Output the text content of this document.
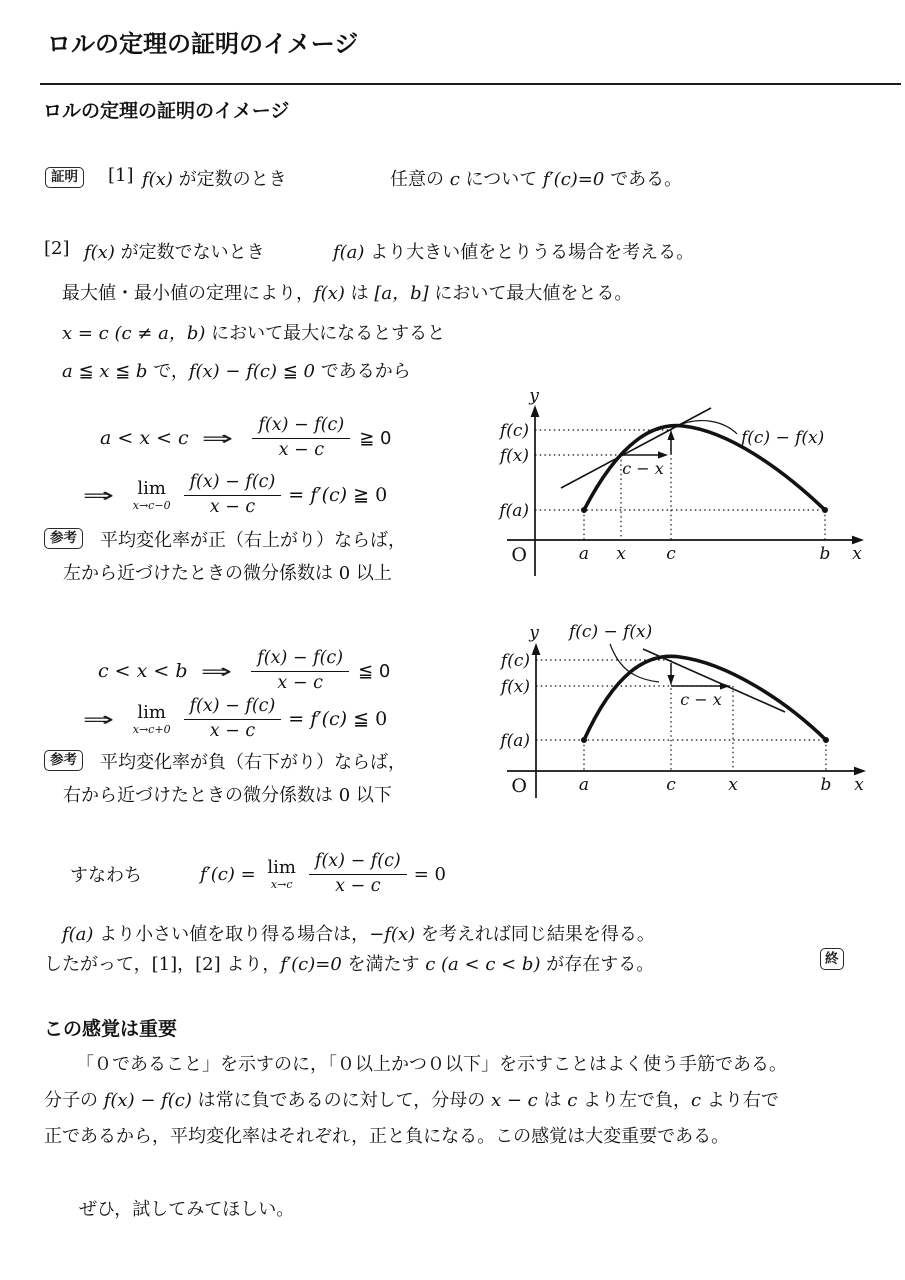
ロルの定理の証明のイメージ
ロルの定理の証明のイメージ
証明	[1] f(x) が定数のとき	任意の c について f′(c)=0 である。
[2] f(x) が定数でないとき	f(a) より大きい値をとりうる場合を考える。
最大値・最小値の定理により，f(x) は [a，b] において最大値をとる。
x = c (c ≠ a，b) において最大になるとすると
a ≦ x ≦ b で，f(x) − f(c) ≦ 0 であるから
a < x < c ⇒ $\frac{f(x) - f(c)}{x - c}$ ≧ 0
⇒ lim
$x\to c-0 \frac{f(x) - f(c)}{x - c} = f'(c)$ ≧ 0
参考	平均変化率が正（右上がり）ならば，
左から近づけたときの微分係数は 0 以上
y
x
O
f(c)
f(x)
f(a)
a x c	b
c − x
f(c) − f(x)
c < x < b ⇒ $\frac{f(x) - f(c)}{x - c}$ ≦ 0
⇒ lim
$x\to c+0 \frac{f(x) - f(c)}{x - c} = f'(c)$ ≦ 0
参考	平均変化率が負（右下がり）ならば，
右から近づけたときの微分係数は 0 以下
y f(c) − f(x)
x
O
f(c)
f(x)
f(a)
a	c	x	b
c − x
すなわち	f′(c) = lim
$x\to c \frac{f(x) - f(c)}{x - c} = 0$
f(a) より小さい値を取り得る場合は，−f(x) を考えれば同じ結果を得る。
したがって，[1]，[2] より，f′(c)=0 を満たす c (a < c < b) が存在する。	終
この感覚は重要
「０であること」を示すのに，「０以上かつ０以下」を示すことはよく使う手筋である。
分子の f(x) − f(c) は常に負であるのに対して，分母の x − c は c より左で負，c より右で
正であるから，平均変化率はそれぞれ，正と負になる。この感覚は大変重要である。
ぜひ，試してみてほしい。
